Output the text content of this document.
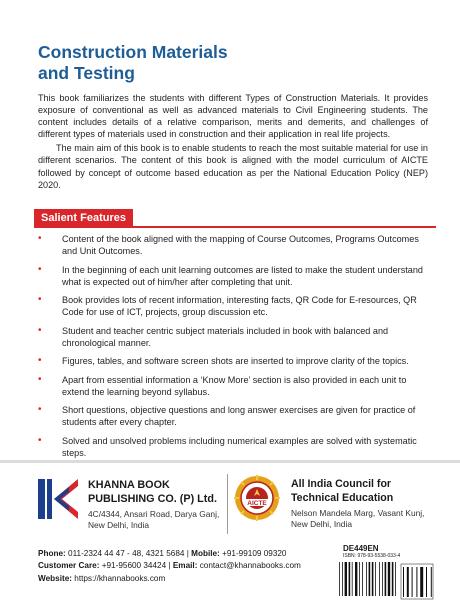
Construction Materials
and Testing

This book familiarizes the students with different Types of Construction Materials. It provides exposure of conventional as well as advanced materials to Civil Engineering students. The content includes details of a relative comparison, merits and demerits, and challenges of different types of materials used in construction and their application in real life projects.

The main aim of this book is to enable students to reach the most suitable material for use in different scenarios. The content of this book is aligned with the model curriculum of AICTE followed by concept of outcome based education as per the National Education Policy (NEP) 2020.

Salient Features
• Content of the book aligned with the mapping of Course Outcomes, Programs Outcomes and Unit Outcomes.
• In the beginning of each unit learning outcomes are listed to make the student understand what is expected out of him/her after completing that unit.
• Book provides lots of recent information, interesting facts, QR Code for E-resources, QR Code for use of ICT, projects, group discussion etc.
• Student and teacher centric subject materials included in book with balanced and chronological manner.
• Figures, tables, and software screen shots are inserted to improve clarity of the topics.
• Apart from essential information a ‘Know More’ section is also provided in each unit to extend the learning beyond syllabus.
• Short questions, objective questions and long answer exercises are given for practice of students after every chapter.
• Solved and unsolved problems including numerical examples are solved with systematic steps.
KHANNA BOOK
PUBLISHING CO. (P) Ltd.
4C/4344, Ansari Road, Darya Ganj,
New Delhi, India
AICTE
All India Council for
Technical Education
Nelson Mandela Marg, Vasant Kunj,
New Delhi, India
Phone: 011-2324 44 47 - 48, 4321 5684 | Mobile: +91-99109 09320
Customer Care: +91-95600 34424 | Email: contact@khannabooks.com
Website: https://khannabooks.com
DE449EN
ISBN: 978-93-5538-033-4
